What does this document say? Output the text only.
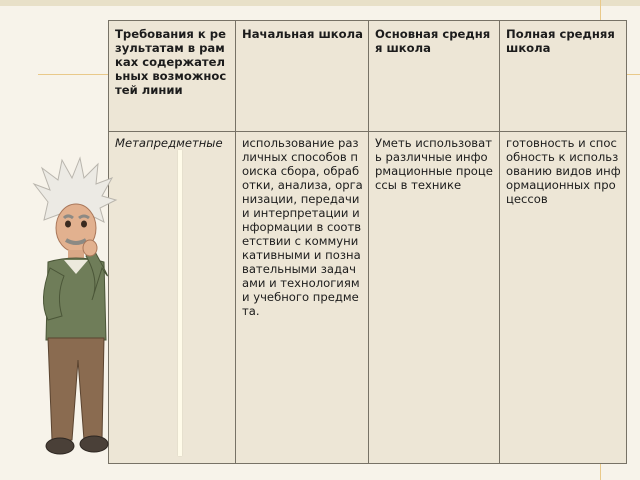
Требования к результатам в рамках содержательных возможностей линии	Начальная школа	Основная средняя школа	Полная средняя школа
Метапредметные	использование различных способов поиска сбора, обработки, анализа, организации, передачи и интерпретации информации в соответствии с коммуникативными и познавательными задачами и технологиями учебного предмета.	Уметь использовать различные информационные процессы в технике	готовность и способность к использованию видов информационных процессов
